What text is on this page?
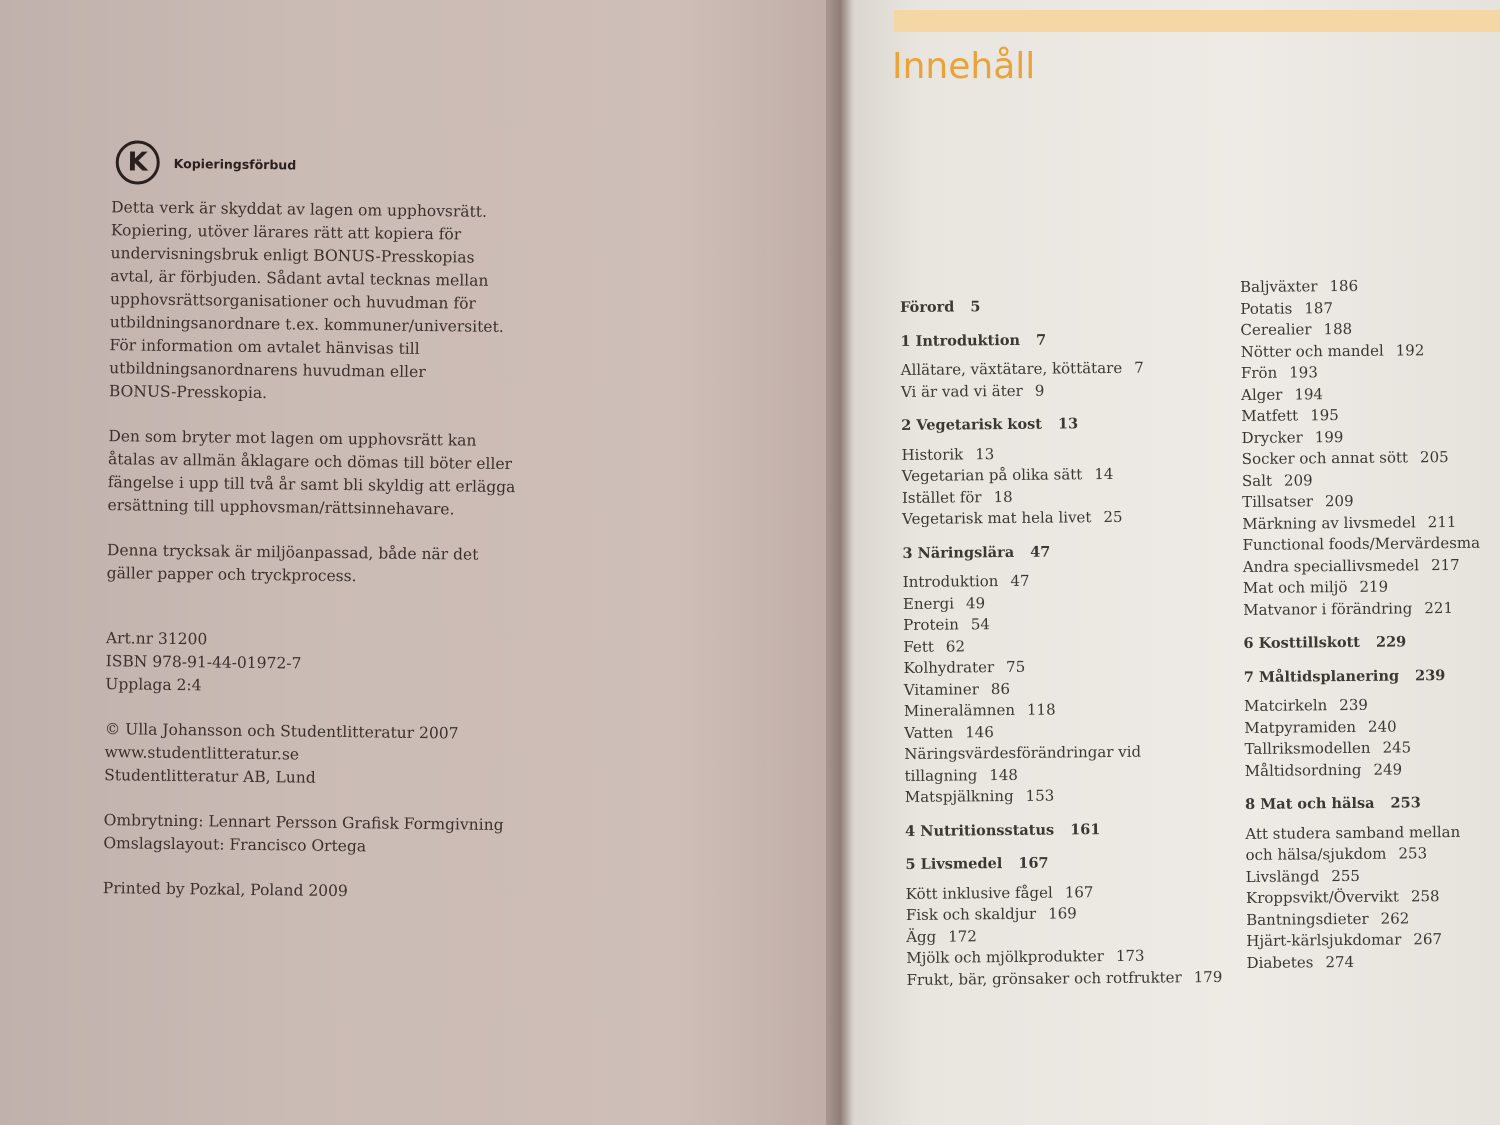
K	Kopieringsförbud

Detta verk är skyddat av lagen om upphovsrätt.

Kopiering, utöver lärares rätt att kopiera för

undervisningsbruk enligt BONUS-Presskopias

avtal, är förbjuden. Sådant avtal tecknas mellan

upphovsrättsorganisationer och huvudman för

utbildningsanordnare t.ex. kommuner/universitet.

För information om avtalet hänvisas till

utbildningsanordnarens huvudman eller

BONUS-Presskopia.

Den som bryter mot lagen om upphovsrätt kan

åtalas av allmän åklagare och dömas till böter eller

fängelse i upp till två år samt bli skyldig att erlägga

ersättning till upphovsman/rättsinnehavare.

Denna trycksak är miljöanpassad, både när det

gäller papper och tryckprocess.

Art.nr 31200

ISBN 978-91-44-01972-7

Upplaga 2:4

© Ulla Johansson och Studentlitteratur 2007

www.studentlitteratur.se

Studentlitteratur AB, Lund

Ombrytning: Lennart Persson Grafisk Formgivning

Omslagslayout: Francisco Ortega

Printed by Pozkal, Poland 2009

Innehåll
Förord 5
1 Introduktion 7
Allätare, växtätare, köttätare 7
Vi är vad vi äter 9
2 Vegetarisk kost 13
Historik 13
Vegetarian på olika sätt 14
Istället för 18
Vegetarisk mat hela livet 25
3 Näringslära 47
Introduktion 47
Energi 49
Protein 54
Fett 62
Kolhydrater 75
Vitaminer 86
Mineralämnen 118
Vatten 146
Näringsvärdesförändringar vid tillagning 148
Matspjälkning 153
4 Nutritionsstatus 161
5 Livsmedel 167
Kött inklusive fågel 167
Fisk och skaldjur 169
Ägg 172
Mjölk och mjölkprodukter 173
Frukt, bär, grönsaker och rotfrukter 179
Baljväxter 186
Potatis 187
Cerealier 188
Nötter och mandel 192
Frön 193
Alger 194
Matfett 195
Drycker 199
Socker och annat sött 205
Salt 209
Tillsatser 209
Märkning av livsmedel 211
Functional foods/Mervärdesma
Andra speciallivsmedel 217
Mat och miljö 219
Matvanor i förändring 221
6 Kosttillskott 229
7 Måltidsplanering 239
Matcirkeln 239
Matpyramiden 240
Tallriksmodellen 245
Måltidsordning 249
8 Mat och hälsa 253
Att studera samband mellan
och hälsa/sjukdom 253
Livslängd 255
Kroppsvikt/Övervikt 258
Bantningsdieter 262
Hjärt-kärlsjukdomar 267
Diabetes 274
